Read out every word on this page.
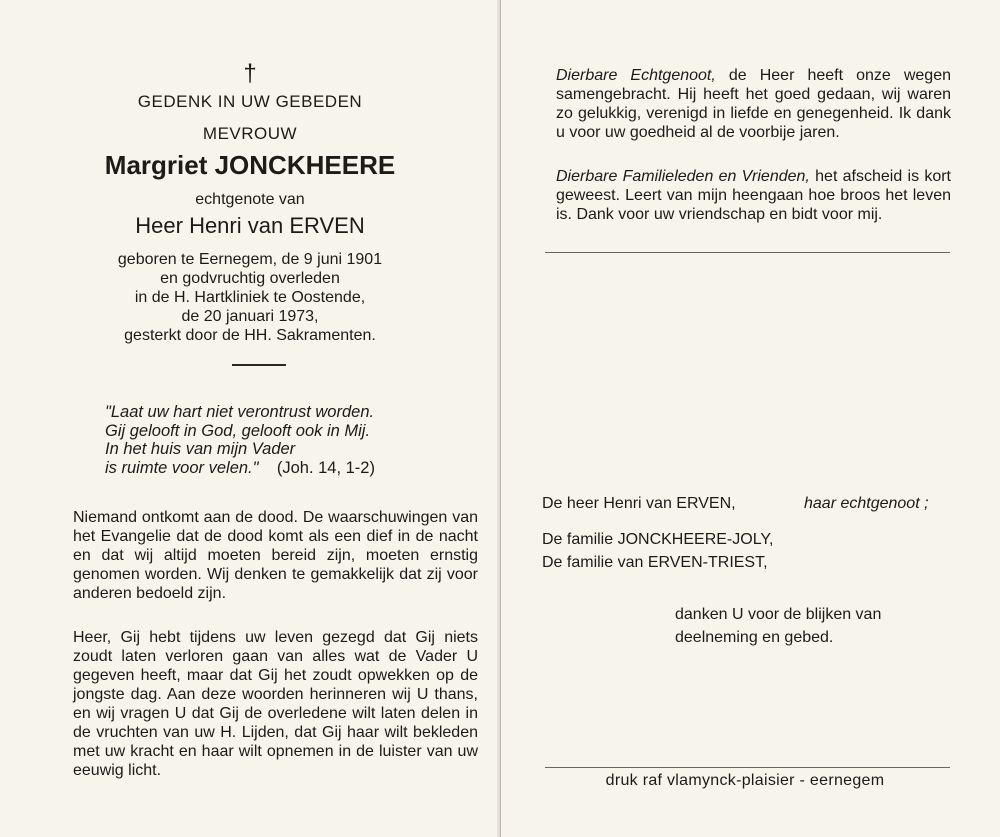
†
GEDENK IN UW GEBEDEN
MEVROUW
Margriet JONCKHEERE
echtgenote van
Heer Henri van ERVEN
geboren te Eernegem, de 9 juni 1901
en godvruchtig overleden
in de H. Hartkliniek te Oostende,
de 20 januari 1973,
gesterkt door de HH. Sakramenten.
"Laat uw hart niet verontrust worden.
Gij gelooft in God, gelooft ook in Mij.
In het huis van mijn Vader
is ruimte voor velen." (Joh. 14, 1-2)
Niemand ontkomt aan de dood. De waarschuwingen van het Evangelie dat de dood komt als een dief in de nacht en dat wij altijd moeten bereid zijn, moeten ernstig genomen worden. Wij denken te gemakkelijk dat zij voor anderen bedoeld zijn.
Heer, Gij hebt tijdens uw leven gezegd dat Gij niets zoudt laten verloren gaan van alles wat de Vader U gegeven heeft, maar dat Gij het zoudt opwekken op de jongste dag. Aan deze woorden herinneren wij U thans, en wij vragen U dat Gij de overledene wilt laten delen in de vruchten van uw H. Lijden, dat Gij haar wilt bekleden met uw kracht en haar wilt opnemen in de luister van uw eeuwig licht.
Dierbare Echtgenoot, de Heer heeft onze wegen samengebracht. Hij heeft het goed gedaan, wij waren zo gelukkig, verenigd in liefde en genegenheid. Ik dank u voor uw goedheid al de voorbije jaren.
Dierbare Familieleden en Vrienden, het afscheid is kort geweest. Leert van mijn heengaan hoe broos het leven is. Dank voor uw vriendschap en bidt voor mij.
De heer Henri van ERVEN,	haar echtgenoot ;
De familie JONCKHEERE-JOLY,
De familie van ERVEN-TRIEST,
danken U voor de blijken van
deelneming en gebed.
druk raf vlamynck-plaisier - eernegem
